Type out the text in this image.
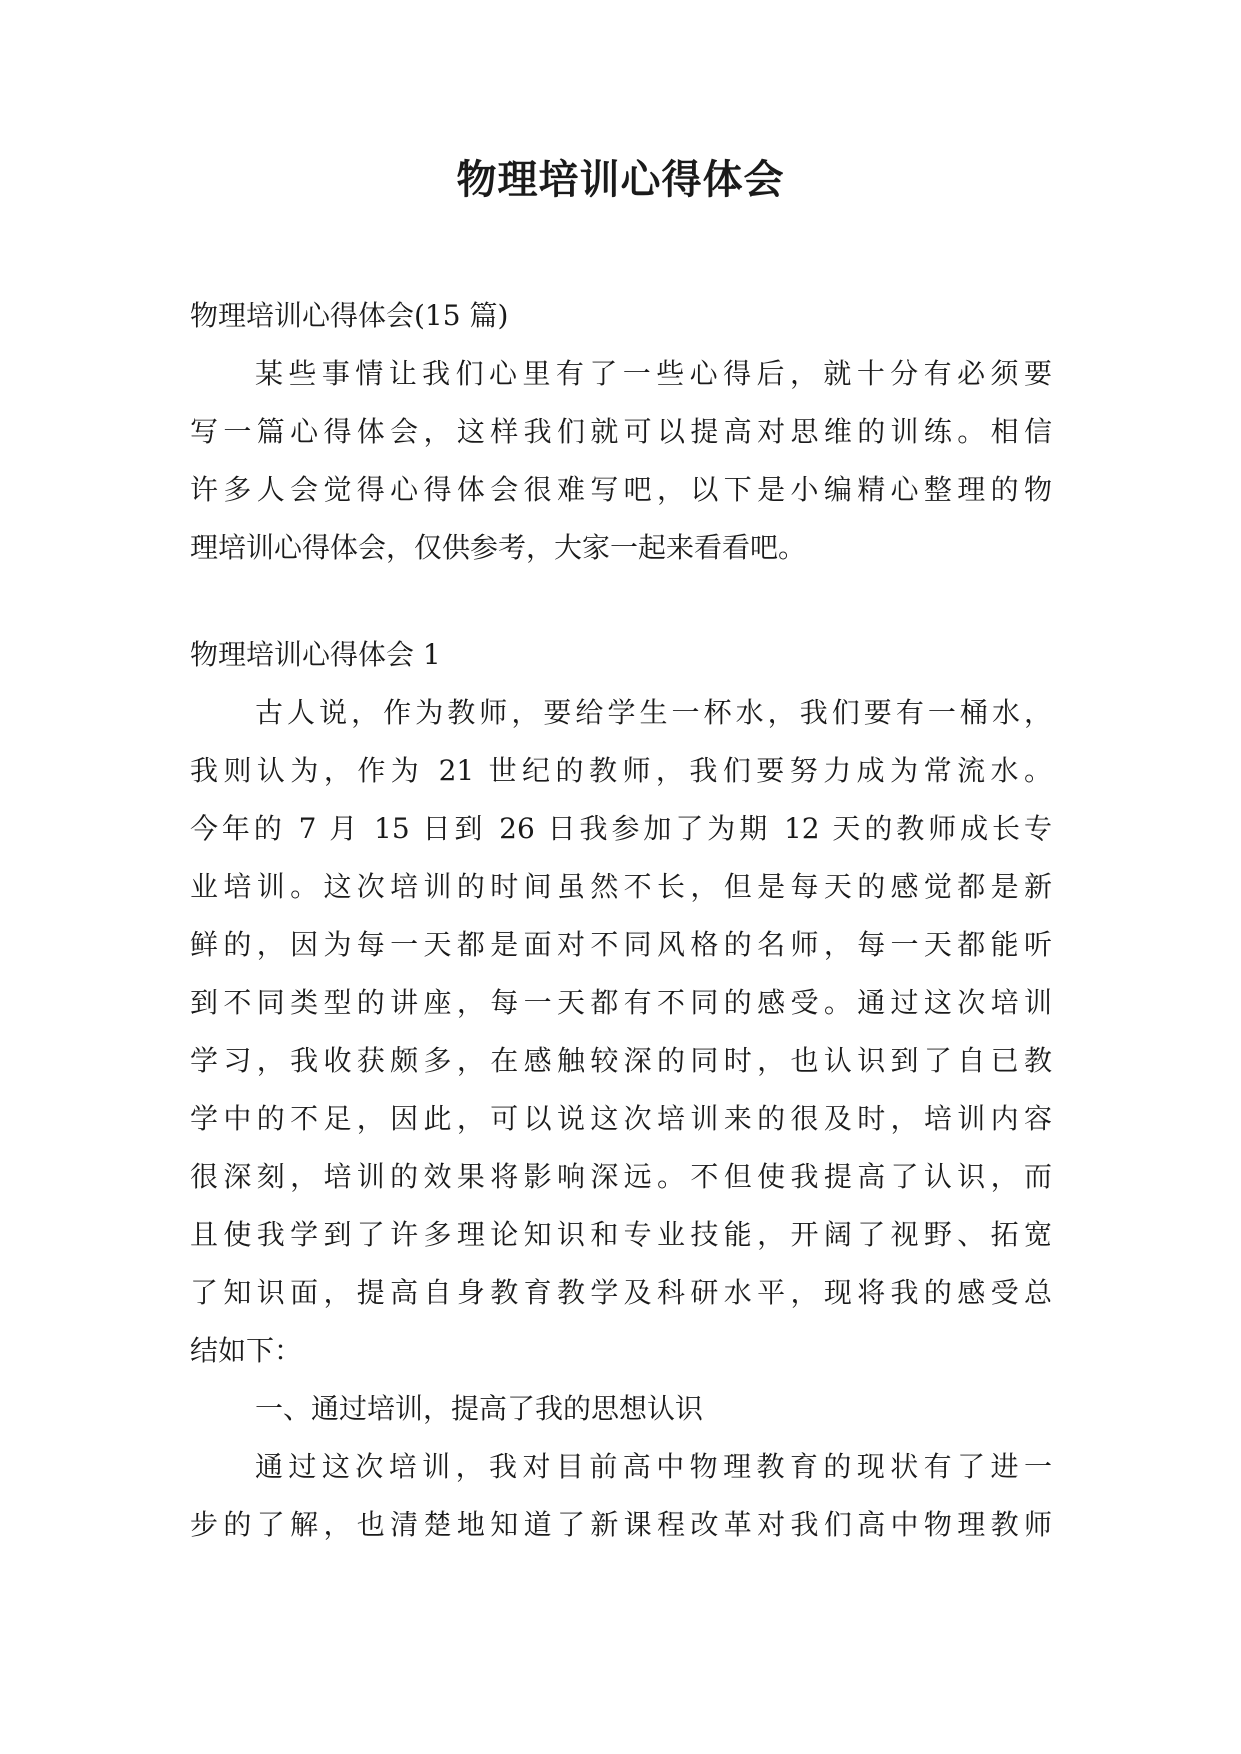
物理培训心得体会
物理培训心得体会(15 篇)
某些事情让我们心里有了一些心得后，就十分有必须要
写一篇心得体会，这样我们就可以提高对思维的训练。相信
许多人会觉得心得体会很难写吧，以下是小编精心整理的物
理培训心得体会，仅供参考，大家一起来看看吧。
物理培训心得体会 1
古人说，作为教师，要给学生一杯水，我们要有一桶水，
我则认为，作为 21 世纪的教师，我们要努力成为常流水。
今年的 7 月 15 日到 26 日我参加了为期 12 天的教师成长专
业培训。这次培训的时间虽然不长，但是每天的感觉都是新
鲜的，因为每一天都是面对不同风格的名师，每一天都能听
到不同类型的讲座，每一天都有不同的感受。通过这次培训
学习，我收获颇多，在感触较深的同时，也认识到了自已教
学中的不足，因此，可以说这次培训来的很及时，培训内容
很深刻，培训的效果将影响深远。不但使我提高了认识，而
且使我学到了许多理论知识和专业技能，开阔了视野、拓宽
了知识面，提高自身教育教学及科研水平，现将我的感受总
结如下：
一、通过培训，提高了我的思想认识
通过这次培训，我对目前高中物理教育的现状有了进一
步的了解，也清楚地知道了新课程改革对我们高中物理教师
